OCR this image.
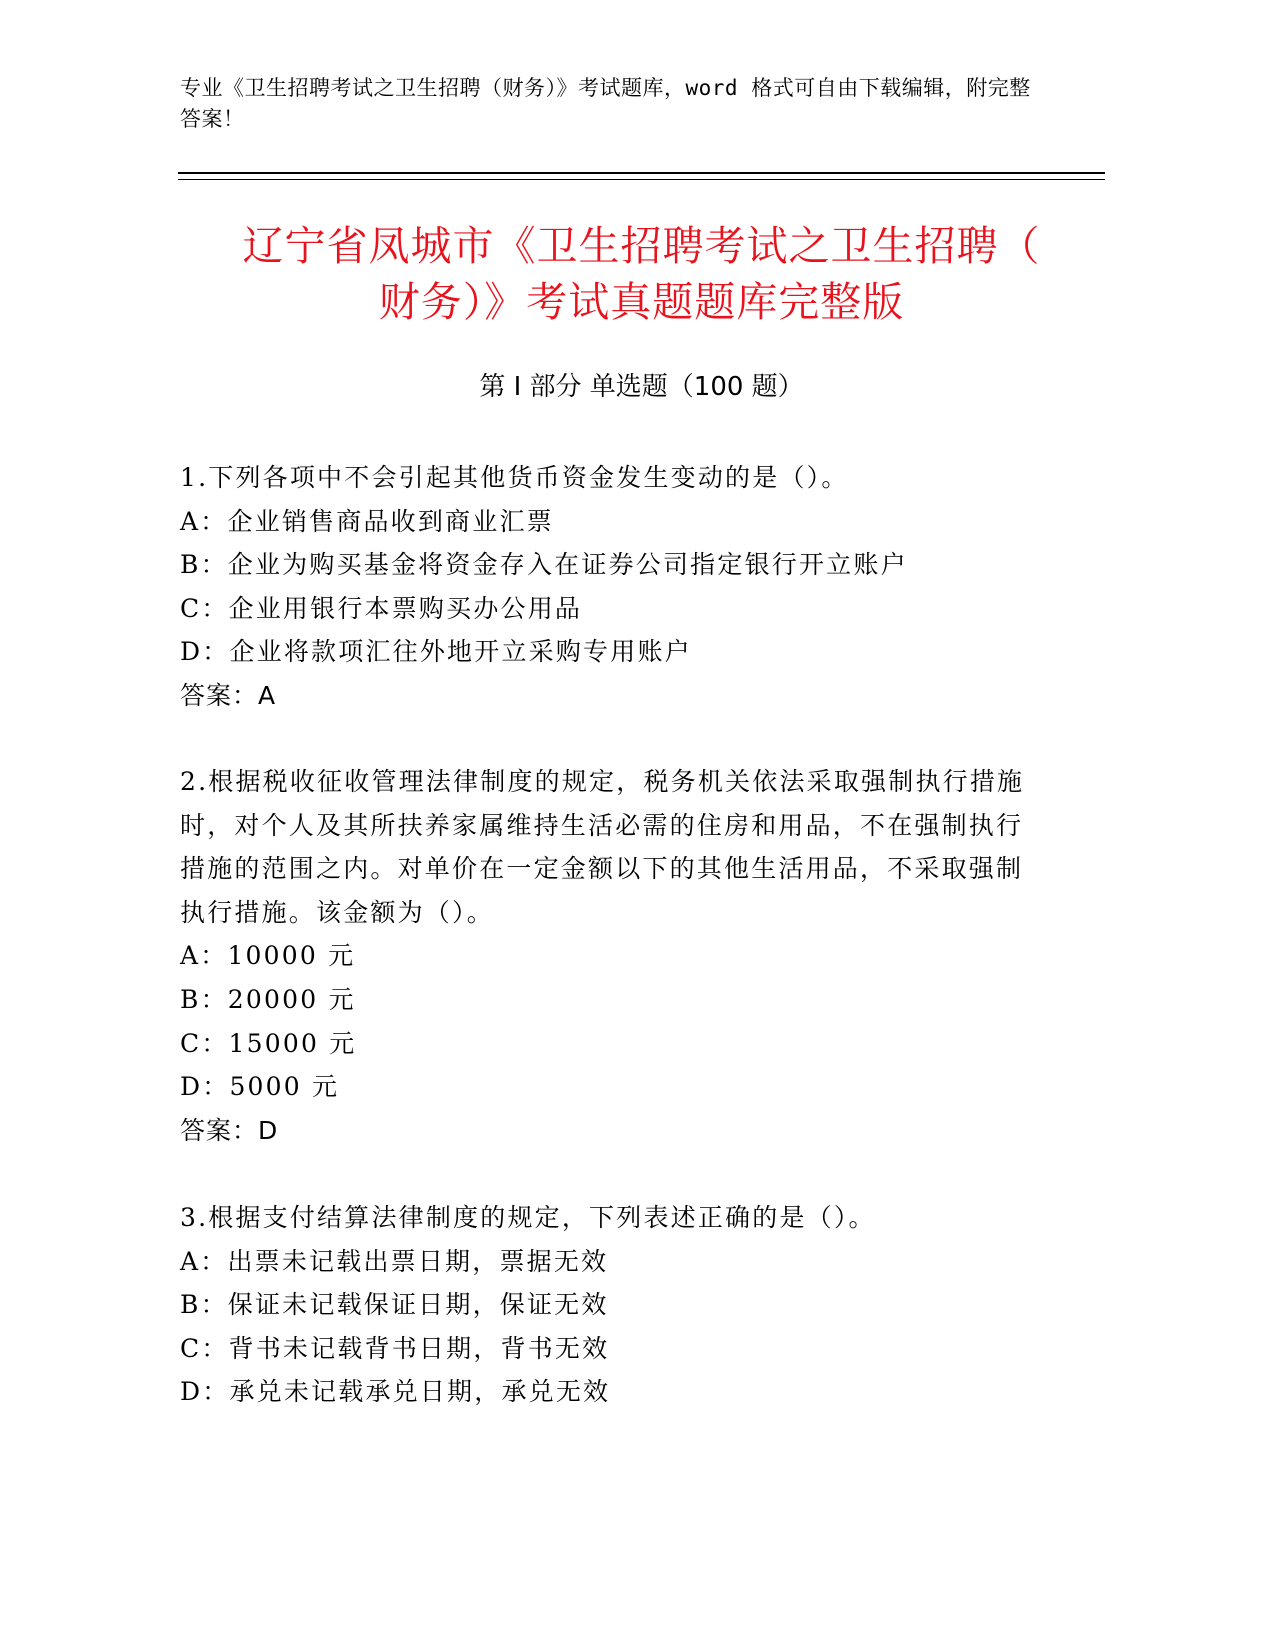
专业《卫生招聘考试之卫生招聘（财务）》考试题库，word 格式可自由下载编辑，附完整答案！
辽宁省凤城市《卫生招聘考试之卫生招聘（
财务）》考试真题题库完整版
第 I 部分 单选题（100 题）

1.下列各项中不会引起其他货币资金发生变动的是（）。

A：企业销售商品收到商业汇票

B：企业为购买基金将资金存入在证券公司指定银行开立账户

C：企业用银行本票购买办公用品

D：企业将款项汇往外地开立采购专用账户

答案：A

2.根据税收征收管理法律制度的规定，税务机关依法采取强制执行措施时，对个人及其所扶养家属维持生活必需的住房和用品，不在强制执行措施的范围之内。对单价在一定金额以下的其他生活用品，不采取强制执行措施。该金额为（）。

A：10000 元

B：20000 元

C：15000 元

D：5000 元

答案：D

3.根据支付结算法律制度的规定，下列表述正确的是（）。

A：出票未记载出票日期，票据无效

B：保证未记载保证日期，保证无效

C：背书未记载背书日期，背书无效

D：承兑未记载承兑日期，承兑无效
